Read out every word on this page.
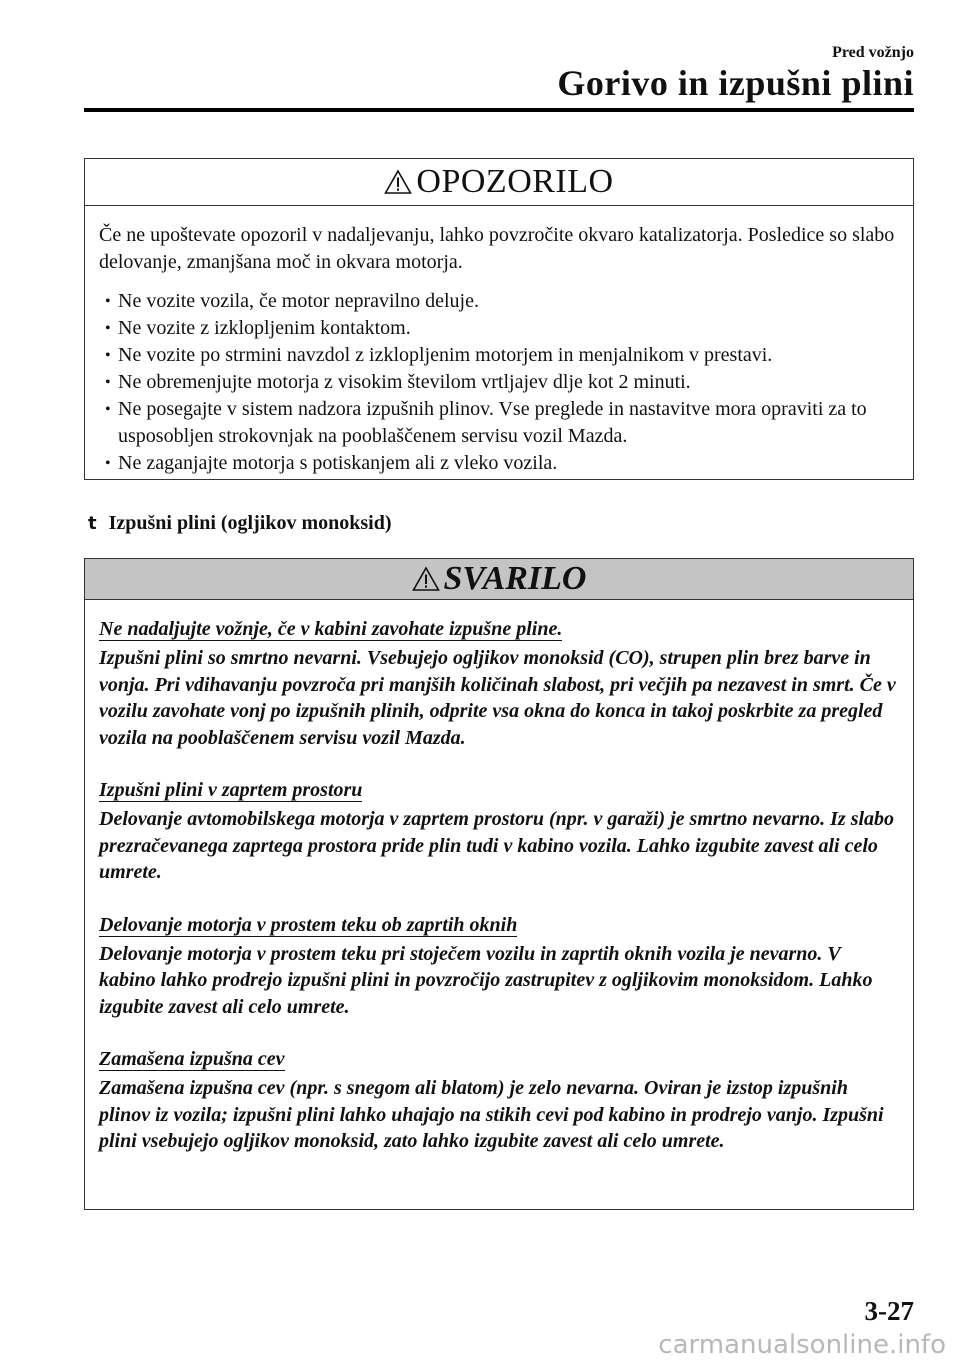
Pred vožnjo
Gorivo in izpušni plini
OPOZORILO

Če ne upoštevate opozoril v nadaljevanju, lahko povzročite okvaro katalizatorja. Posledice so slabo delovanje, zmanjšana moč in okvara motorja.

• Ne vozite vozila, če motor nepravilno deluje.
• Ne vozite z izklopljenim kontaktom.
• Ne vozite po strmini navzdol z izklopljenim motorjem in menjalnikom v prestavi.
• Ne obremenjujte motorja z visokim številom vrtljajev dlje kot 2 minuti.
• Ne posegajte v sistem nadzora izpušnih plinov. Vse preglede in nastavitve mora opraviti za to usposobljen strokovnjak na pooblaščenem servisu vozil Mazda.
• Ne zaganjajte motorja s potiskanjem ali z vleko vozila.
t Izpušni plini (ogljikov monoksid)
SVARILO
Ne nadaljujte vožnje, če v kabini zavohate izpušne pline.
Izpušni plini so smrtno nevarni. Vsebujejo ogljikov monoksid (CO), strupen plin brez barve in vonja. Pri vdihavanju povzroča pri manjših količinah slabost, pri večjih pa nezavest in smrt. Če v vozilu zavohate vonj po izpušnih plinih, odprite vsa okna do konca in takoj poskrbite za pregled vozila na pooblaščenem servisu vozil Mazda.
Izpušni plini v zaprtem prostoru
Delovanje avtomobilskega motorja v zaprtem prostoru (npr. v garaži) je smrtno nevarno. Iz slabo prezračevanega zaprtega prostora pride plin tudi v kabino vozila. Lahko izgubite zavest ali celo umrete.
Delovanje motorja v prostem teku ob zaprtih oknih
Delovanje motorja v prostem teku pri stoječem vozilu in zaprtih oknih vozila je nevarno. V kabino lahko prodrejo izpušni plini in povzročijo zastrupitev z ogljikovim monoksidom. Lahko izgubite zavest ali celo umrete.
Zamašena izpušna cev
Zamašena izpušna cev (npr. s snegom ali blatom) je zelo nevarna. Oviran je izstop izpušnih plinov iz vozila; izpušni plini lahko uhajajo na stikih cevi pod kabino in prodrejo vanjo. Izpušni plini vsebujejo ogljikov monoksid, zato lahko izgubite zavest ali celo umrete.
3-27
carmanualsonline.info
